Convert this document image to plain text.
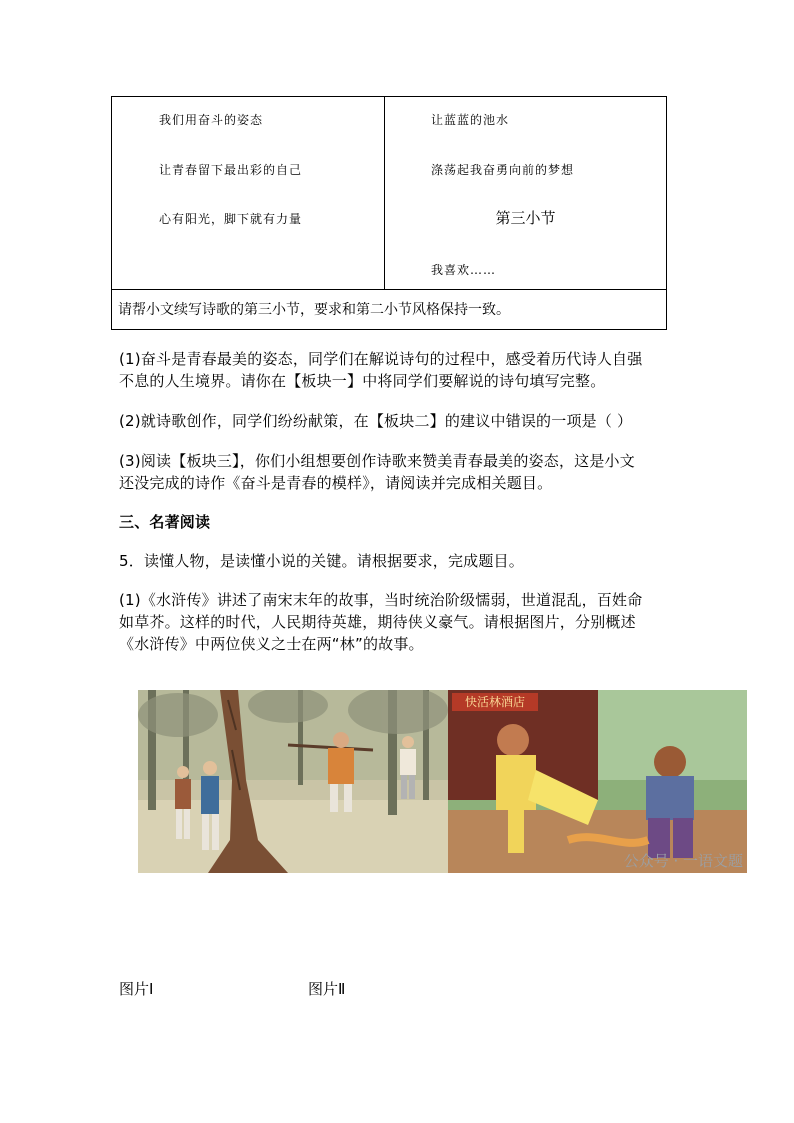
我们用奋斗的姿态
让青春留下最出彩的自己
心有阳光，脚下就有力量
让蓝蓝的池水
涤荡起我奋勇向前的梦想
第三小节
我喜欢……
请帮小文续写诗歌的第三小节，要求和第二小节风格保持一致。
(1)奋斗是青春最美的姿态，同学们在解说诗句的过程中，感受着历代诗人自强
不息的人生境界。请你在【板块一】中将同学们要解说的诗句填写完整。
(2)就诗歌创作，同学们纷纷献策，在【板块二】的建议中错误的一项是（ ）
(3)阅读【板块三】，你们小组想要创作诗歌来赞美青春最美的姿态，这是小文
还没完成的诗作《奋斗是青春的模样》，请阅读并完成相关题目。
三、名著阅读
5．读懂人物，是读懂小说的关键。请根据要求，完成题目。
(1)《水浒传》讲述了南宋末年的故事，当时统治阶级懦弱，世道混乱，百姓命
如草芥。这样的时代，人民期待英雄，期待侠义豪气。请根据图片，分别概述
《水浒传》中两位侠义之士在两“林”的故事。
快活林酒店
公众号 · 一语文题
图片Ⅰ	图片Ⅱ
